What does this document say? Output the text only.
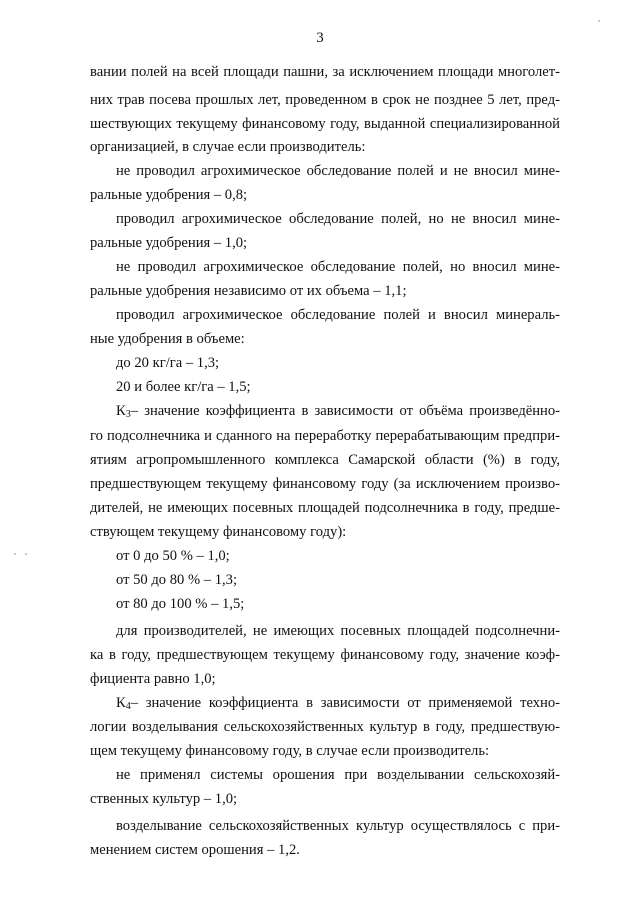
3
вании полей на всей площади пашни, за исключением площади многолет-
них трав посева прошлых лет, проведенном в срок не позднее 5 лет, пред-
шествующих текущему финансовому году, выданной специализированной
организацией, в случае если производитель:
не проводил агрохимическое обследование полей и не вносил мине-
ральные удобрения – 0,8;
проводил агрохимическое обследование полей, но не вносил мине-
ральные удобрения – 1,0;
не проводил агрохимическое обследование полей, но вносил мине-
ральные удобрения независимо от их объема – 1,1;
проводил агрохимическое обследование полей и вносил минераль-
ные удобрения в объеме:
до 20 кг/га – 1,3;
20 и более кг/га – 1,5;
$К_3$ – значение коэффициента в зависимости от объёма произведённо-
го подсолнечника и сданного на переработку перерабатывающим предпри-
ятиям агропромышленного комплекса Самарской области (%) в году,
предшествующем текущему финансовому году (за исключением произво-
дителей, не имеющих посевных площадей подсолнечника в году, предше-
ствующем текущему финансовому году):
от 0 до 50 % – 1,0;
от 50 до 80 % – 1,3;
от 80 до 100 % – 1,5;
для производителей, не имеющих посевных площадей подсолнечни-
ка в году, предшествующем текущему финансовому году, значение коэф-
фициента равно 1,0;
$К_4$ – значение коэффициента в зависимости от применяемой техно-
логии возделывания сельскохозяйственных культур в году, предшествую-
щем текущему финансовому году, в случае если производитель:
не применял системы орошения при возделывании сельскохозяй-
ственных культур – 1,0;
возделывание сельскохозяйственных культур осуществлялось с при-
менением систем орошения – 1,2.
